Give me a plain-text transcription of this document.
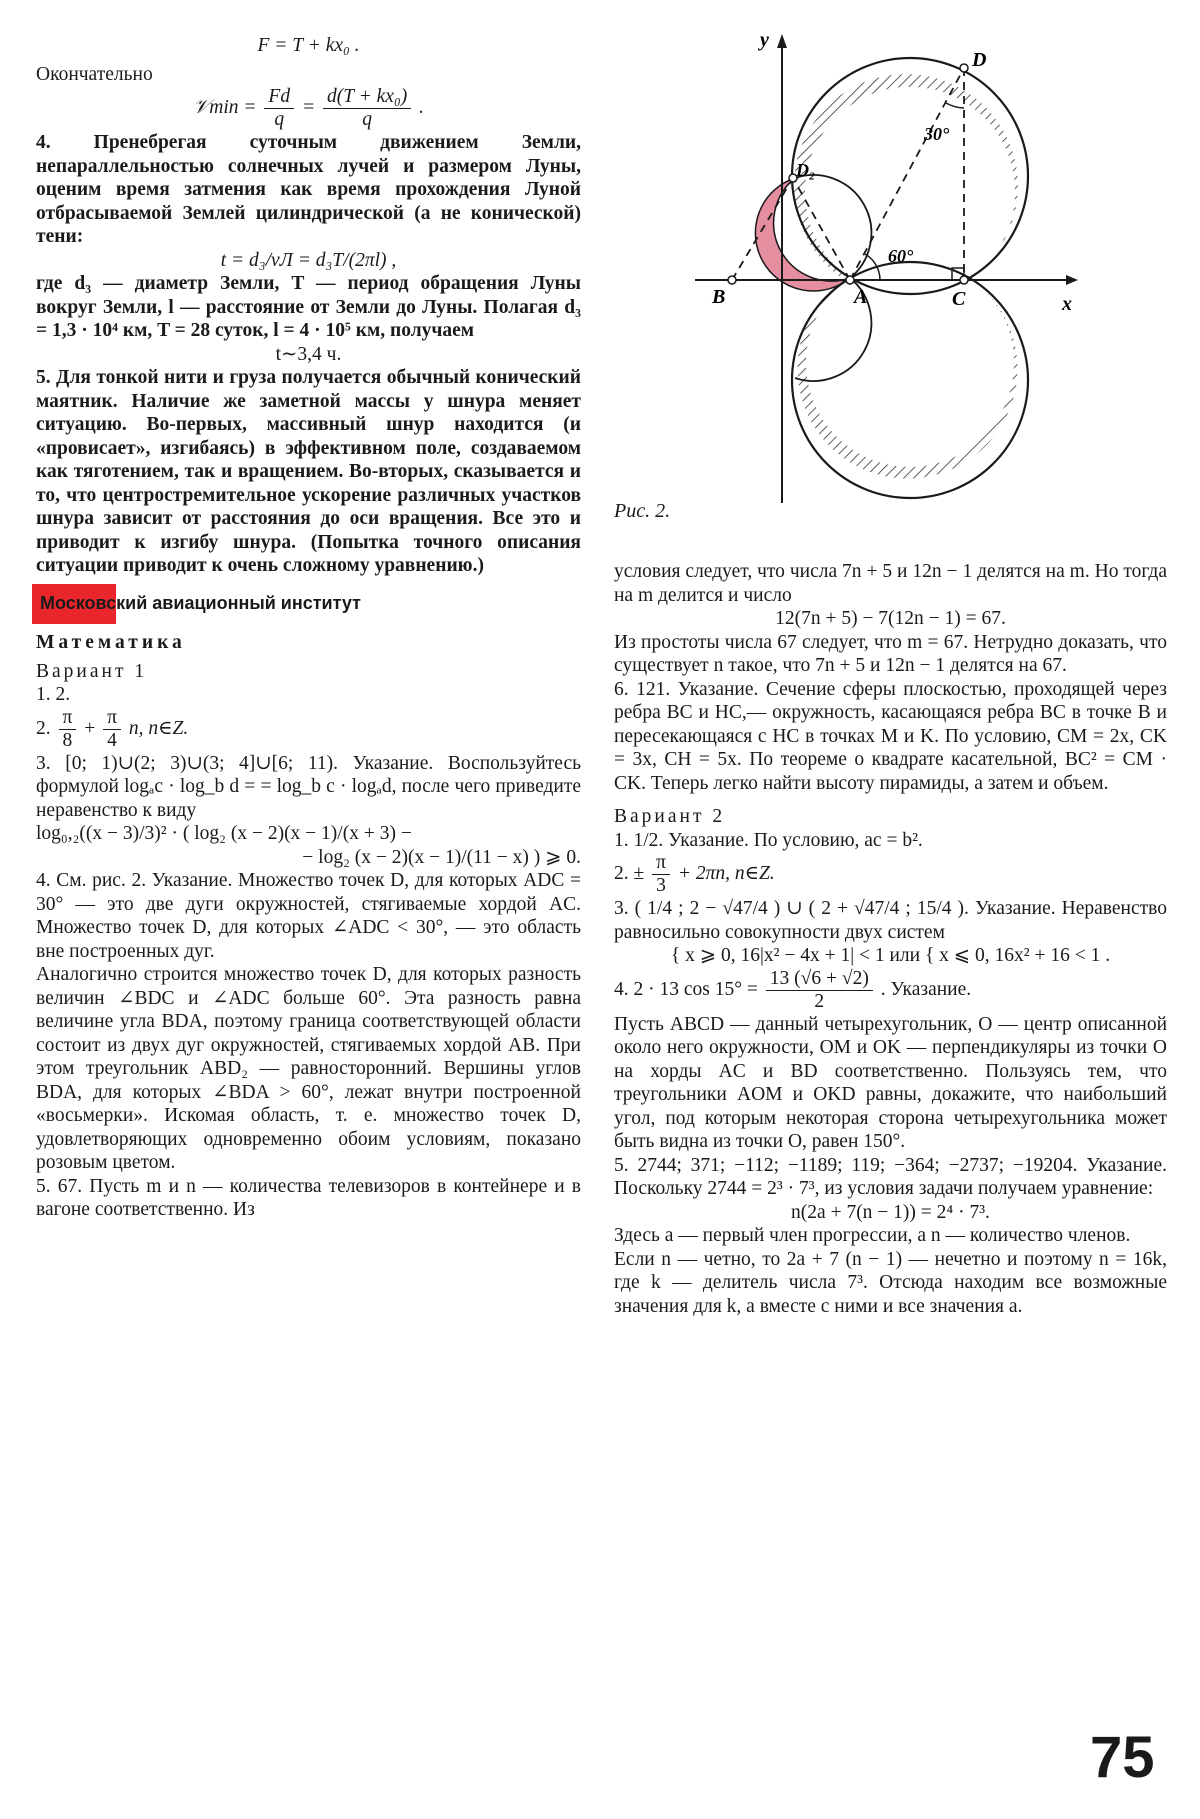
F = T + kx₀ .

Окончательно

𝒱min = $\frac{Fd}{q} = \frac{\text{d(T + kx₀)}}{q}$ .

4. Пренебрегая суточным движением Земли, непараллельностью солнечных лучей и размером Луны, оценим время затмения как время прохождения Луной отбрасываемой Землей цилиндрической (а не конической) тени:

t = d₃/vЛ = d₃T/(2πl) ,

где d₃ — диаметр Земли, T — период обращения Луны вокруг Земли, l — расстояние от Земли до Луны. Полагая d₃ = 1,3 · 10⁴ км, T = 28 суток, l = 4 · 10⁵ км, получаем

t∼3,4 ч.

5. Для тонкой нити и груза получается обычный конический маятник. Наличие же заметной массы у шнура меняет ситуацию. Во-первых, массивный шнур находится (и «провисает», изгибаясь) в эффективном поле, создаваемом как тяготением, так и вращением. Во-вторых, сказывается и то, что центростремительное ускорение различных участков шнура зависит от расстояния до оси вращения. Все это и приводит к изгибу шнура. (Попытка точного описания ситуации приводит к очень сложному уравнению.)

Московский авиационный институт

Математика

Вариант 1

1. 2.

2. $\frac{\pi}{8} + \frac{\pi}{4} n$, n∈Z.

3. [0; 1)∪(2; 3)∪(3; 4]∪[6; 11). Указание. Воспользуйтесь формулой logₐc · log_b d = = log_b c · logₐd, после чего приведите неравенство к виду

log₀,₂((x − 3)/3)² · ( log₂ (x − 2)(x − 1)/(x + 3) −

− log₂ (x − 2)(x − 1)/(11 − x) ) ⩾ 0.

4. См. рис. 2. Указание. Множество точек D, для которых ADC = 30° — это две дуги окружностей, стягиваемые хордой AC. Множество точек D, для которых ∠ADC < 30°, — это область вне построенных дуг.

Аналогично строится множество точек D, для которых разность величин ∠BDC и ∠ADC больше 60°. Эта разность равна величине угла BDA, поэтому граница соответствующей области состоит из двух дуг окружностей, стягиваемых хордой AB. При этом треугольник ABD₂ — равносторонний. Вершины углов BDA, для которых ∠BDA > 60°, лежат внутри построенной «восьмерки». Искомая область, т. е. множество точек D, удовлетворяющих одновременно обоим условиям, показано розовым цветом.

5. 67. Пусть m и n — количества телевизоров в контейнере и в вагоне соответственно. Из

y
x
D
D₂
B	A	C
30°
60°
Рис. 2.

условия следует, что числа 7n + 5 и 12n − 1 делятся на m. Но тогда на m делится и число

12(7n + 5) − 7(12n − 1) = 67.

Из простоты числа 67 следует, что m = 67. Нетрудно доказать, что существует n такое, что 7n + 5 и 12n − 1 делятся на 67.

6. 121. Указание. Сечение сферы плоскостью, проходящей через ребра BC и HC,— окружность, касающаяся ребра BC в точке B и пересекающаяся с HC в точках M и K. По условию, CM = 2x, CK = 3x, CH = 5x. По теореме о квадрате касательной, BC² = CM · CK. Теперь легко найти высоту пирамиды, а затем и объем.

Вариант 2

1. 1/2. Указание. По условию, ac = b².

2. ± $\frac{\pi}{3} + 2\pi n$, n∈Z.

3. ( 1/4 ; 2 − √47/4 ) ∪ ( 2 + √47/4 ; 15/4 ). Указание. Неравенство равносильно совокупности двух систем

{ x ⩾ 0, 16|x² − 4x + 1| < 1 или { x ⩽ 0, 16x² + 16 < 1 .

4. 2 · 13 $\cos 15^\circ = \frac{13 (√6 + √2)}{2}$ . Указание.

Пусть ABCD — данный четырехугольник, O — центр описанной около него окружности, OM и OK — перпендикуляры из точки O на хорды AC и BD соответственно. Пользуясь тем, что треугольники AOM и OKD равны, докажите, что наибольший угол, под которым некоторая сторона четырехугольника может быть видна из точки O, равен 150°.

5. 2744; 371; −112; −1189; 119; −364; −2737; −19204. Указание. Поскольку 2744 = 2³ · 7³, из условия задачи получаем уравнение:

n(2a + 7(n − 1)) = 2⁴ · 7³.

Здесь a — первый член прогрессии, а n — количество членов.

Если n — четно, то 2a + 7 (n − 1) — нечетно и поэтому n = 16k, где k — делитель числа 7³. Отсюда находим все возможные значения для k, а вместе с ними и все значения a.

75
